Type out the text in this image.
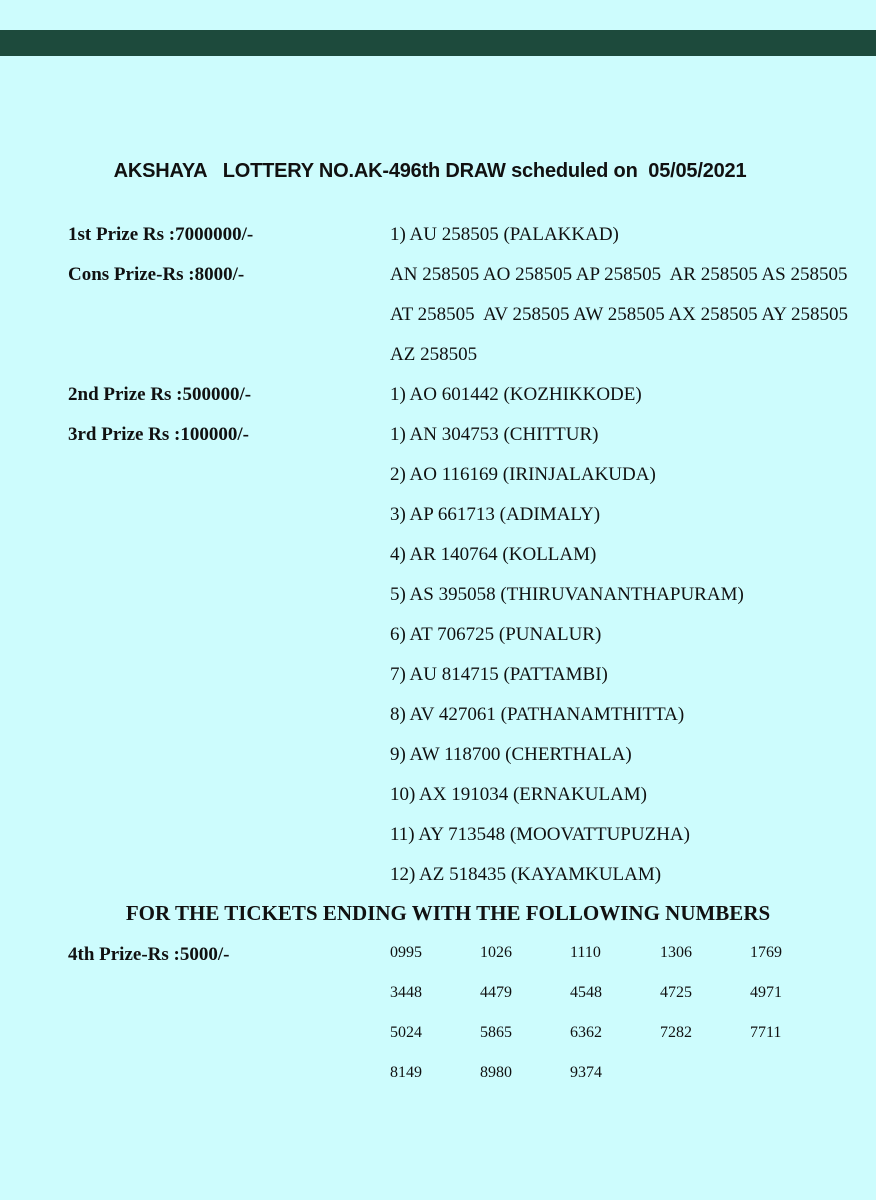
AKSHAYA   LOTTERY NO.AK-496th DRAW scheduled on  05/05/2021
1st Prize Rs :7000000/-	1) AU 258505 (PALAKKAD)
Cons Prize-Rs :8000/-	AN 258505 AO 258505 AP 258505  AR 258505 AS 258505
AT 258505  AV 258505 AW 258505 AX 258505 AY 258505
AZ 258505
2nd Prize Rs :500000/-	1) AO 601442 (KOZHIKKODE)
3rd Prize Rs :100000/-	1) AN 304753 (CHITTUR)
2) AO 116169 (IRINJALAKUDA)
3) AP 661713 (ADIMALY)
4) AR 140764 (KOLLAM)
5) AS 395058 (THIRUVANANTHAPURAM)
6) AT 706725 (PUNALUR)
7) AU 814715 (PATTAMBI)
8) AV 427061 (PATHANAMTHITTA)
9) AW 118700 (CHERTHALA)
10) AX 191034 (ERNAKULAM)
11) AY 713548 (MOOVATTUPUZHA)
12) AZ 518435 (KAYAMKULAM)
FOR THE TICKETS ENDING WITH THE FOLLOWING NUMBERS
4th Prize-Rs :5000/-	0995	1026	1110	1306	1769
3448	4479	4548	4725	4971
5024	5865	6362	7282	7711
8149	8980	9374
